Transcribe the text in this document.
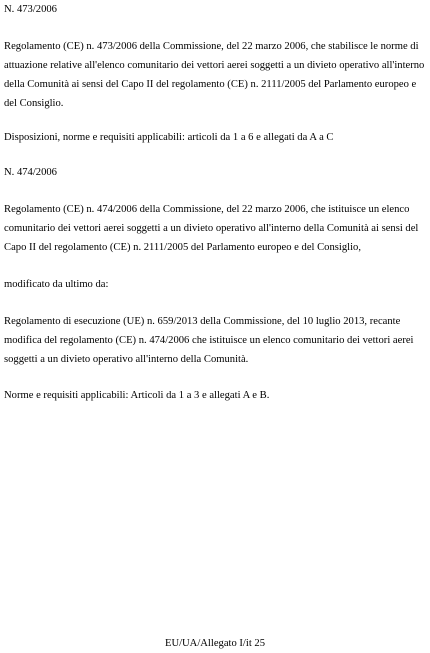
N. 473/2006

Regolamento (CE) n. 473/2006 della Commissione, del 22 marzo 2006, che stabilisce le norme di attuazione relative all'elenco comunitario dei vettori aerei soggetti a un divieto operativo all'interno della Comunità ai sensi del Capo II del regolamento (CE) n. 2111/2005 del Parlamento europeo e del Consiglio.

Disposizioni, norme e requisiti applicabili: articoli da 1 a 6 e allegati da A a C

N. 474/2006

Regolamento (CE) n. 474/2006 della Commissione, del 22 marzo 2006, che istituisce un elenco comunitario dei vettori aerei soggetti a un divieto operativo all'interno della Comunità ai sensi del Capo II del regolamento (CE) n. 2111/2005 del Parlamento europeo e del Consiglio,

modificato da ultimo da:

Regolamento di esecuzione (UE) n. 659/2013 della Commissione, del 10 luglio 2013, recante modifica del regolamento (CE) n. 474/2006 che istituisce un elenco comunitario dei vettori aerei soggetti a un divieto operativo all'interno della Comunità.

Norme e requisiti applicabili: Articoli da 1 a 3 e allegati A e B.

EU/UA/Allegato I/it 25
